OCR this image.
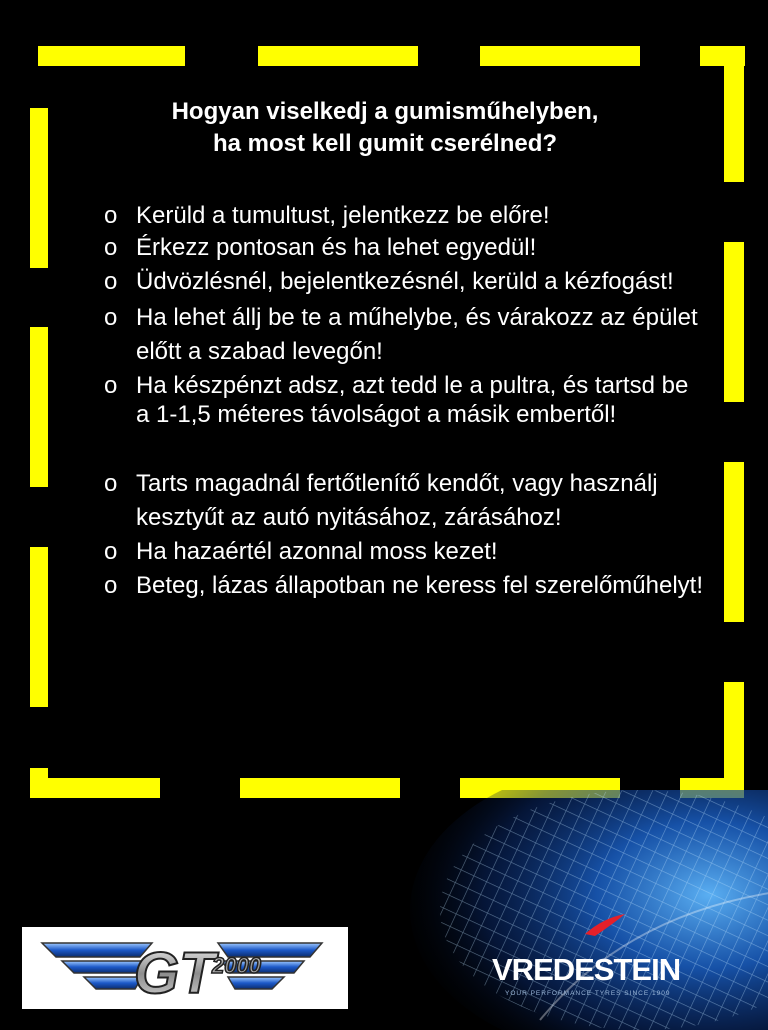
Hogyan viselkedj a gumisműhelyben,
ha most kell gumit cserélned?
o Kerüld a tumultust, jelentkezz be előre!
o Érkezz pontosan és ha lehet egyedül!
o Üdvözlésnél, bejelentkezésnél, kerüld a kézfogást!
o Ha lehet állj be te a műhelybe, és várakozz az épület előtt a szabad levegőn!
o Ha készpénzt adsz, azt tedd le a pultra, és tartsd be a 1-1,5 méteres távolságot a másik embertől!
o Tarts magadnál fertőtlenítő kendőt, vagy használj kesztyűt az autó nyitásához, zárásához!
o Ha hazaértél azonnal moss kezet!
o Beteg, lázas állapotban ne keress fel szerelőműhelyt!
GT
2000	VREDESTEIN
YOUR PERFORMANCE TYRES SINCE 1909
